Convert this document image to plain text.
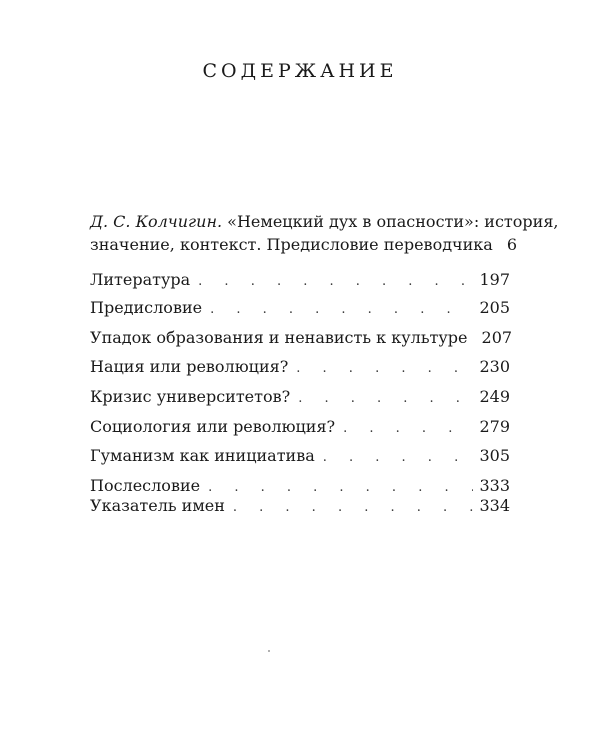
СОДЕРЖАНИЕ
Д. С. Колчигин. «Немецкий дух в опасности»: история,
значение, контекст. Предисловие переводчика 6
Литература . . .	197
Предисловие . . .	205
Упадок образования и ненависть к культуре 207
Нация или революция? . . .	230
Кризис университетов? . . .	249
Социология или революция? . . .	279
Гуманизм как инициатива . . .	305
Послесловие . . .	333
Указатель имен . . .	334
